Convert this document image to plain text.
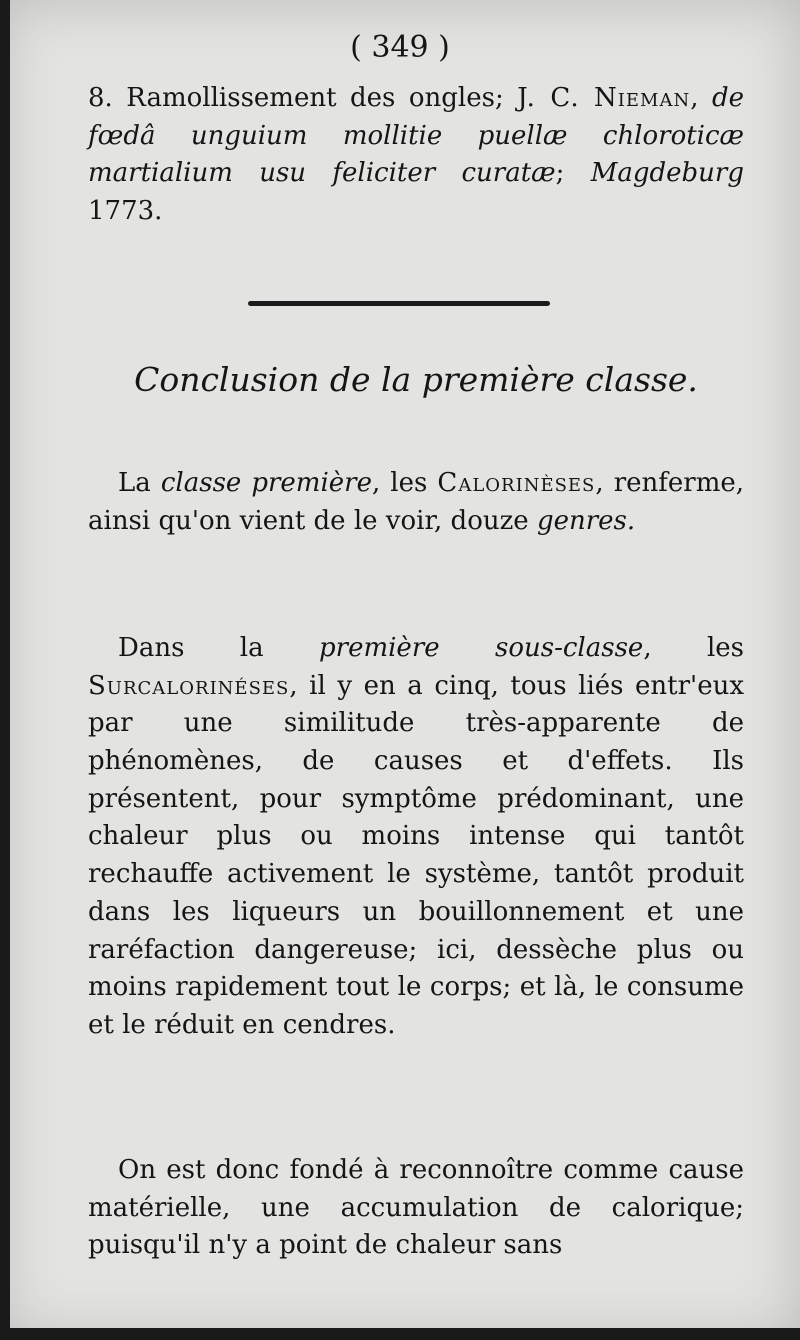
( 349 )

8. Ramollissement des ongles; J. C. Nieman, de fœdâ unguium mollitie puellæ chloroticæ martialium usu feliciter curatæ; Magdeburg 1773.

Conclusion de la première classe.

La classe première, les Calorinèses, renferme, ainsi qu'on vient de le voir, douze genres.

Dans la première sous-classe, les Surcalorinéses, il y en a cinq, tous liés entr'eux par une similitude très-apparente de phénomènes, de causes et d'effets. Ils présentent, pour symptôme prédominant, une chaleur plus ou moins intense qui tantôt rechauffe activement le système, tantôt produit dans les liqueurs un bouillonnement et une raréfaction dangereuse; ici, dessèche plus ou moins rapidement tout le corps; et là, le consume et le réduit en cendres.

On est donc fondé à reconnoître comme cause matérielle, une accumulation de calorique; puisqu'il n'y a point de chaleur sans
